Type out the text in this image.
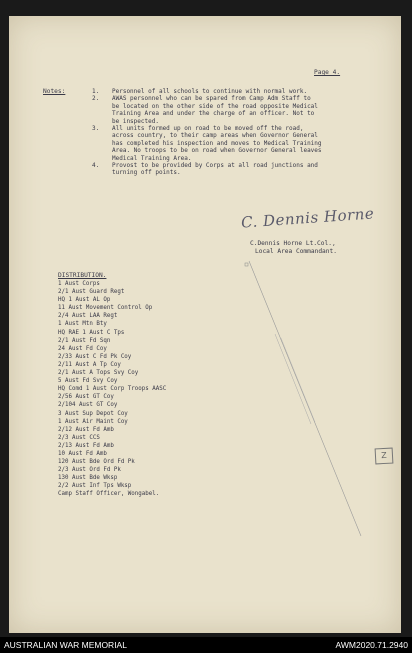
Page 4.
Notes:	1. Personnel of all schools to continue with normal work.
2. AWAS personnel who can be spared from Camp Adm Staff to
be located on the other side of the road opposite Medical
Training Area and under the charge of an officer. Not to
be inspected.
3. All units formed up on road to be moved off the road,
across country, to their camp areas when Governor General
has completed his inspection and moves to Medical Training
Area. No troops to be on road when Governor General leaves
Medical Training Area.
4. Provost to be provided by Corps at all road junctions and
turning off points.
C. Dennis Horne
C.Dennis Horne Lt.Col.,
Local Area Commandant.
DISTRIBUTION.
1 Aust Corps
2/1 Aust Guard Regt
HQ 1 Aust AL Op
11 Aust Movement Control Op
2/4 Aust LAA Regt
1 Aust Mtn Bty
HQ RAE 1 Aust C Tps
2/1 Aust Fd Sqn
24 Aust Fd Coy
2/33 Aust C Fd Pk Coy
2/11 Aust A Tp Coy
2/1 Aust A Tops Svy Coy
5 Aust Fd Svy Coy
HQ Comd 1 Aust Corp Troops AASC
2/56 Aust GT Coy
2/104 Aust GT Coy
3 Aust Sup Depot Coy
1 Aust Air Maint Coy
2/12 Aust Fd Amb
2/3 Aust CCS
2/13 Aust Fd Amb
10 Aust Fd Amb
120 Aust Bde Ord Fd Pk
2/3 Aust Ord Fd Pk
130 Aust Bde Wksp
2/2 Aust Inf Tps Wksp
Camp Staff Officer, Wongabel.
Z
AUSTRALIAN WAR MEMORIAL	AWM2020.71.2940
